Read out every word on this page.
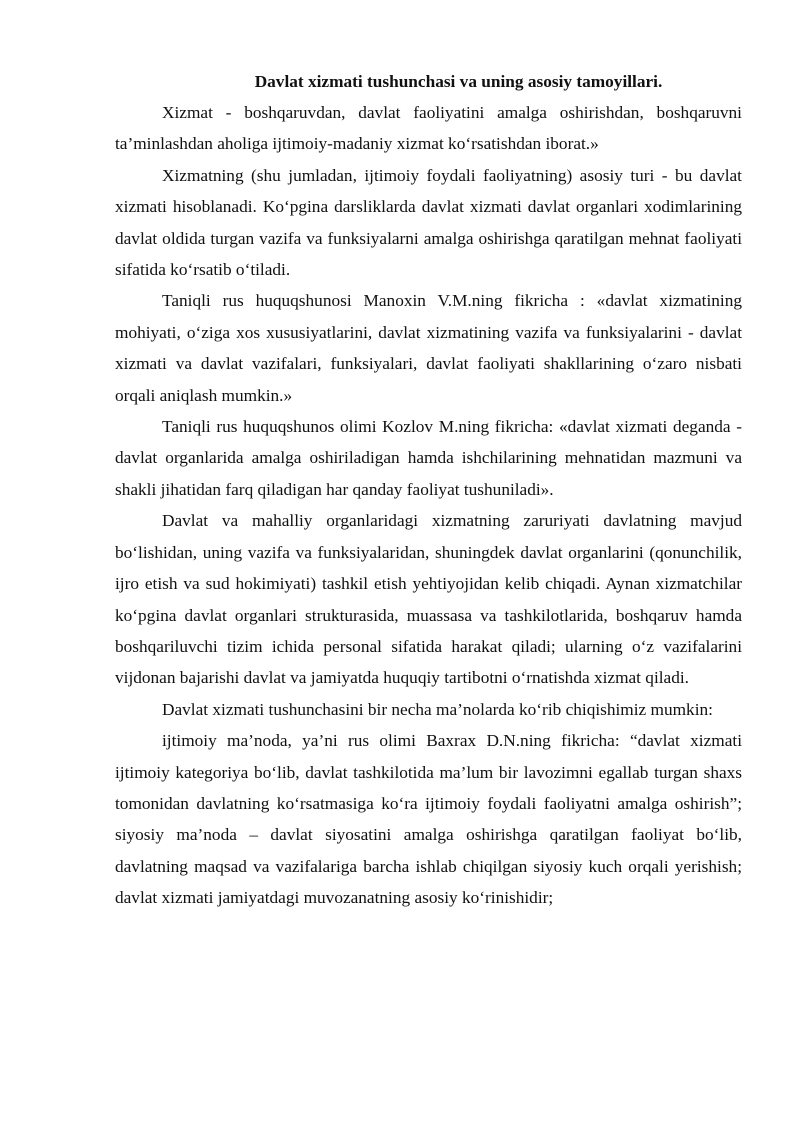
Davlat xizmati tushunchasi va uning asosiy tamoyillari.

Xizmat - boshqaruvdan, davlat faoliyatini amalga oshirishdan, boshqaruvni ta’minlashdan aholiga ijtimoiy-madaniy xizmat ko‘rsatishdan iborat.»

Xizmatning (shu jumladan, ijtimoiy foydali faoliyatning) asosiy turi - bu davlat xizmati hisoblanadi. Ko‘pgina darsliklarda davlat xizmati davlat organlari xodimlarining davlat oldida turgan vazifa va funksiyalarni amalga oshirishga qaratilgan mehnat faoliyati sifatida ko‘rsatib o‘tiladi.

Taniqli rus huquqshunosi Manoxin V.M.ning fikricha : «davlat xizmatining mohiyati, o‘ziga xos xususiyatlarini, davlat xizmatining vazifa va funksiyalarini - davlat xizmati va davlat vazifalari, funksiyalari, davlat faoliyati shakllarining o‘zaro nisbati orqali aniqlash mumkin.»

Taniqli rus huquqshunos olimi Kozlov M.ning fikricha: «davlat xizmati deganda - davlat organlarida amalga oshiriladigan hamda ishchilarining mehnatidan mazmuni va shakli jihatidan farq qiladigan har qanday faoliyat tushuniladi».

Davlat va mahalliy organlaridagi xizmatning zaruriyati davlatning mavjud bo‘lishidan, uning vazifa va funksiyalaridan, shuningdek davlat organlarini (qonunchilik, ijro etish va sud hokimiyati) tashkil etish yehtiyojidan kelib chiqadi. Aynan xizmatchilar ko‘pgina davlat organlari strukturasida, muassasa va tashkilotlarida, boshqaruv hamda boshqariluvchi tizim ichida personal sifatida harakat qiladi; ularning o‘z vazifalarini vijdonan bajarishi davlat va jamiyatda huquqiy tartibotni o‘rnatishda xizmat qiladi.

Davlat xizmati tushunchasini bir necha ma’nolarda ko‘rib chiqishimiz mumkin:

ijtimoiy ma’noda, ya’ni rus olimi Baxrax D.N.ning fikricha: “davlat xizmati ijtimoiy kategoriya bo‘lib, davlat tashkilotida ma’lum bir lavozimni egallab turgan shaxs tomonidan davlatning ko‘rsatmasiga ko‘ra ijtimoiy foydali faoliyatni amalga oshirish”; siyosiy ma’noda – davlat siyosatini amalga oshirishga qaratilgan faoliyat bo‘lib, davlatning maqsad va vazifalariga barcha ishlab chiqilgan siyosiy kuch orqali yerishish; davlat xizmati jamiyatdagi muvozanatning asosiy ko‘rinishidir;
